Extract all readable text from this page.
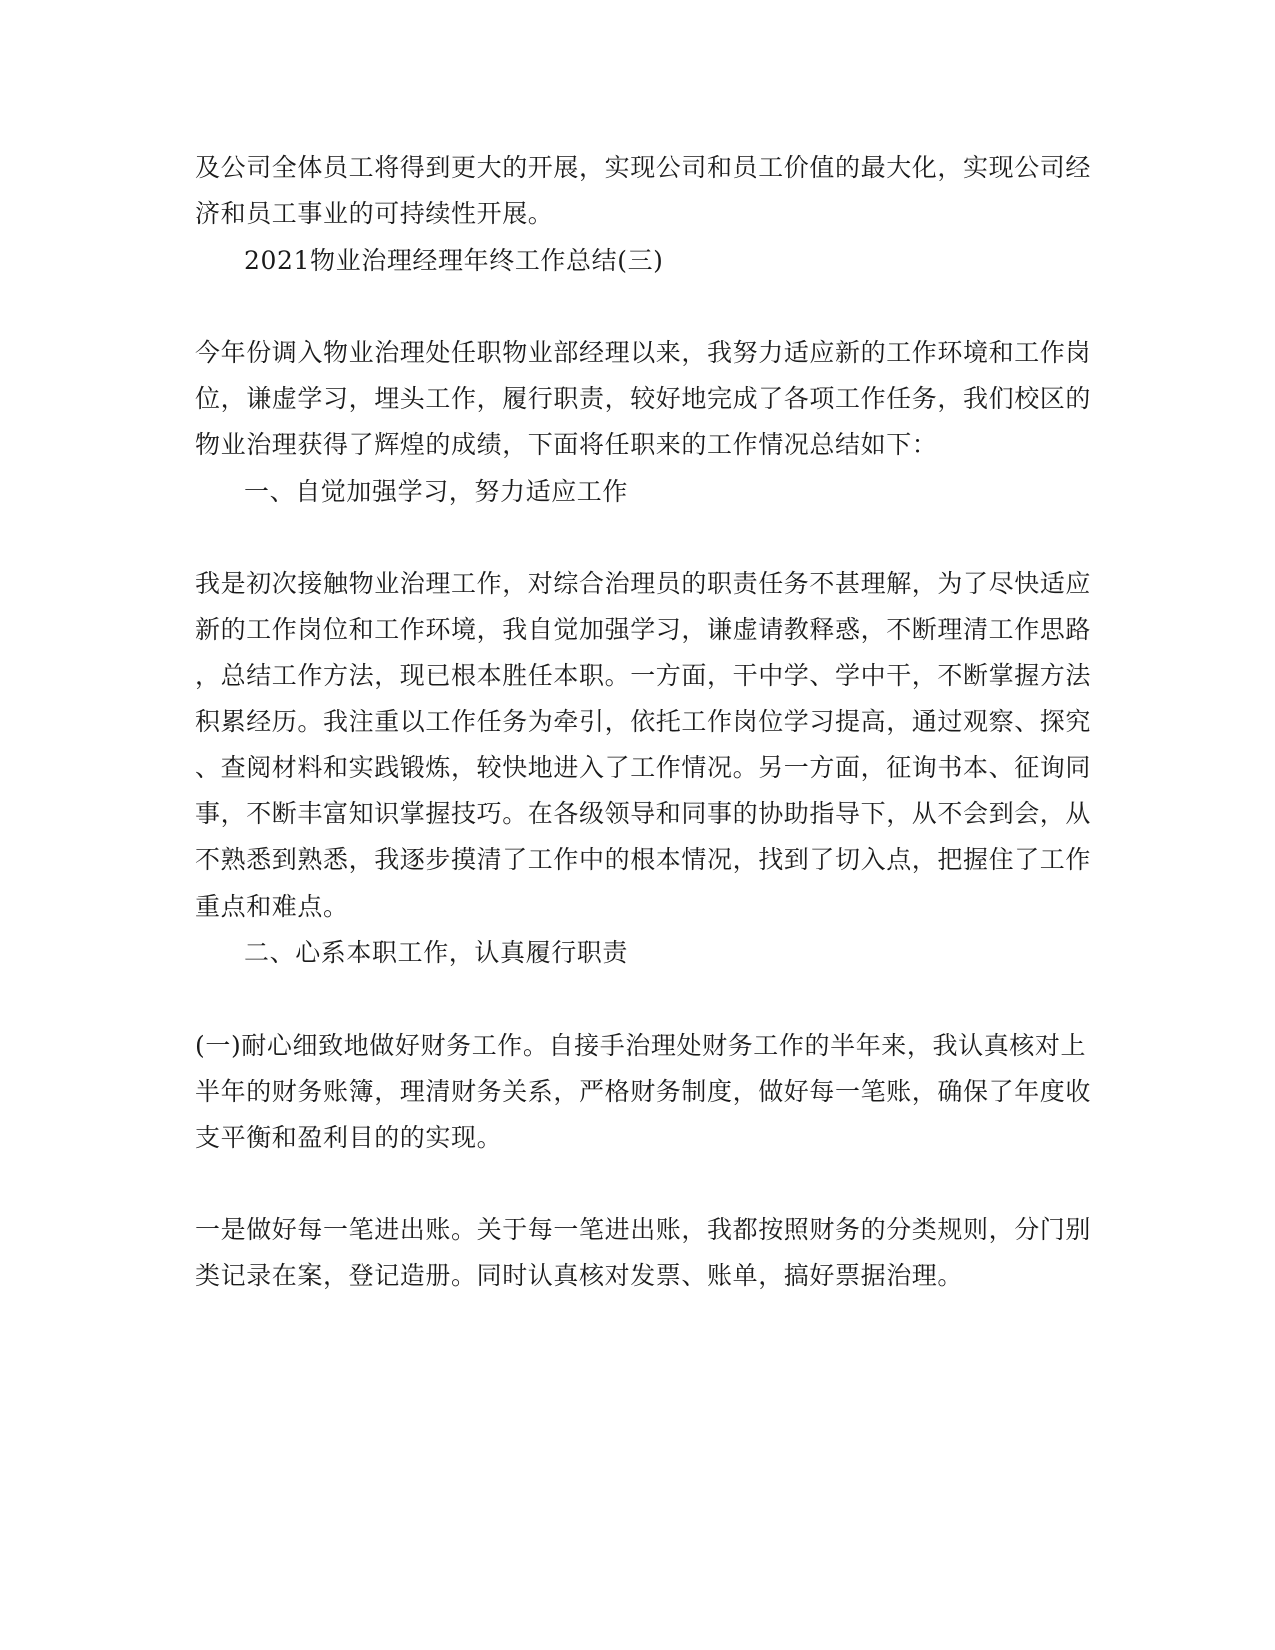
及公司全体员工将得到更大的开展，实现公司和员工价值的最大化，实现公司经
济和员工事业的可持续性开展。
2021物业治理经理年终工作总结(三)
今年份调入物业治理处任职物业部经理以来，我努力适应新的工作环境和工作岗
位，谦虚学习，埋头工作，履行职责，较好地完成了各项工作任务，我们校区的
物业治理获得了辉煌的成绩，下面将任职来的工作情况总结如下：
一、自觉加强学习，努力适应工作
我是初次接触物业治理工作，对综合治理员的职责任务不甚理解，为了尽快适应
新的工作岗位和工作环境，我自觉加强学习，谦虚请教释惑，不断理清工作思路
，总结工作方法，现已根本胜任本职。一方面，干中学、学中干，不断掌握方法
积累经历。我注重以工作任务为牵引，依托工作岗位学习提高，通过观察、探究
、查阅材料和实践锻炼，较快地进入了工作情况。另一方面，征询书本、征询同
事，不断丰富知识掌握技巧。在各级领导和同事的协助指导下，从不会到会，从
不熟悉到熟悉，我逐步摸清了工作中的根本情况，找到了切入点，把握住了工作
重点和难点。
二、心系本职工作，认真履行职责
(一)耐心细致地做好财务工作。自接手治理处财务工作的半年来，我认真核对上
半年的财务账簿，理清财务关系，严格财务制度，做好每一笔账，确保了年度收
支平衡和盈利目的的实现。
一是做好每一笔进出账。关于每一笔进出账，我都按照财务的分类规则，分门别
类记录在案，登记造册。同时认真核对发票、账单，搞好票据治理。
